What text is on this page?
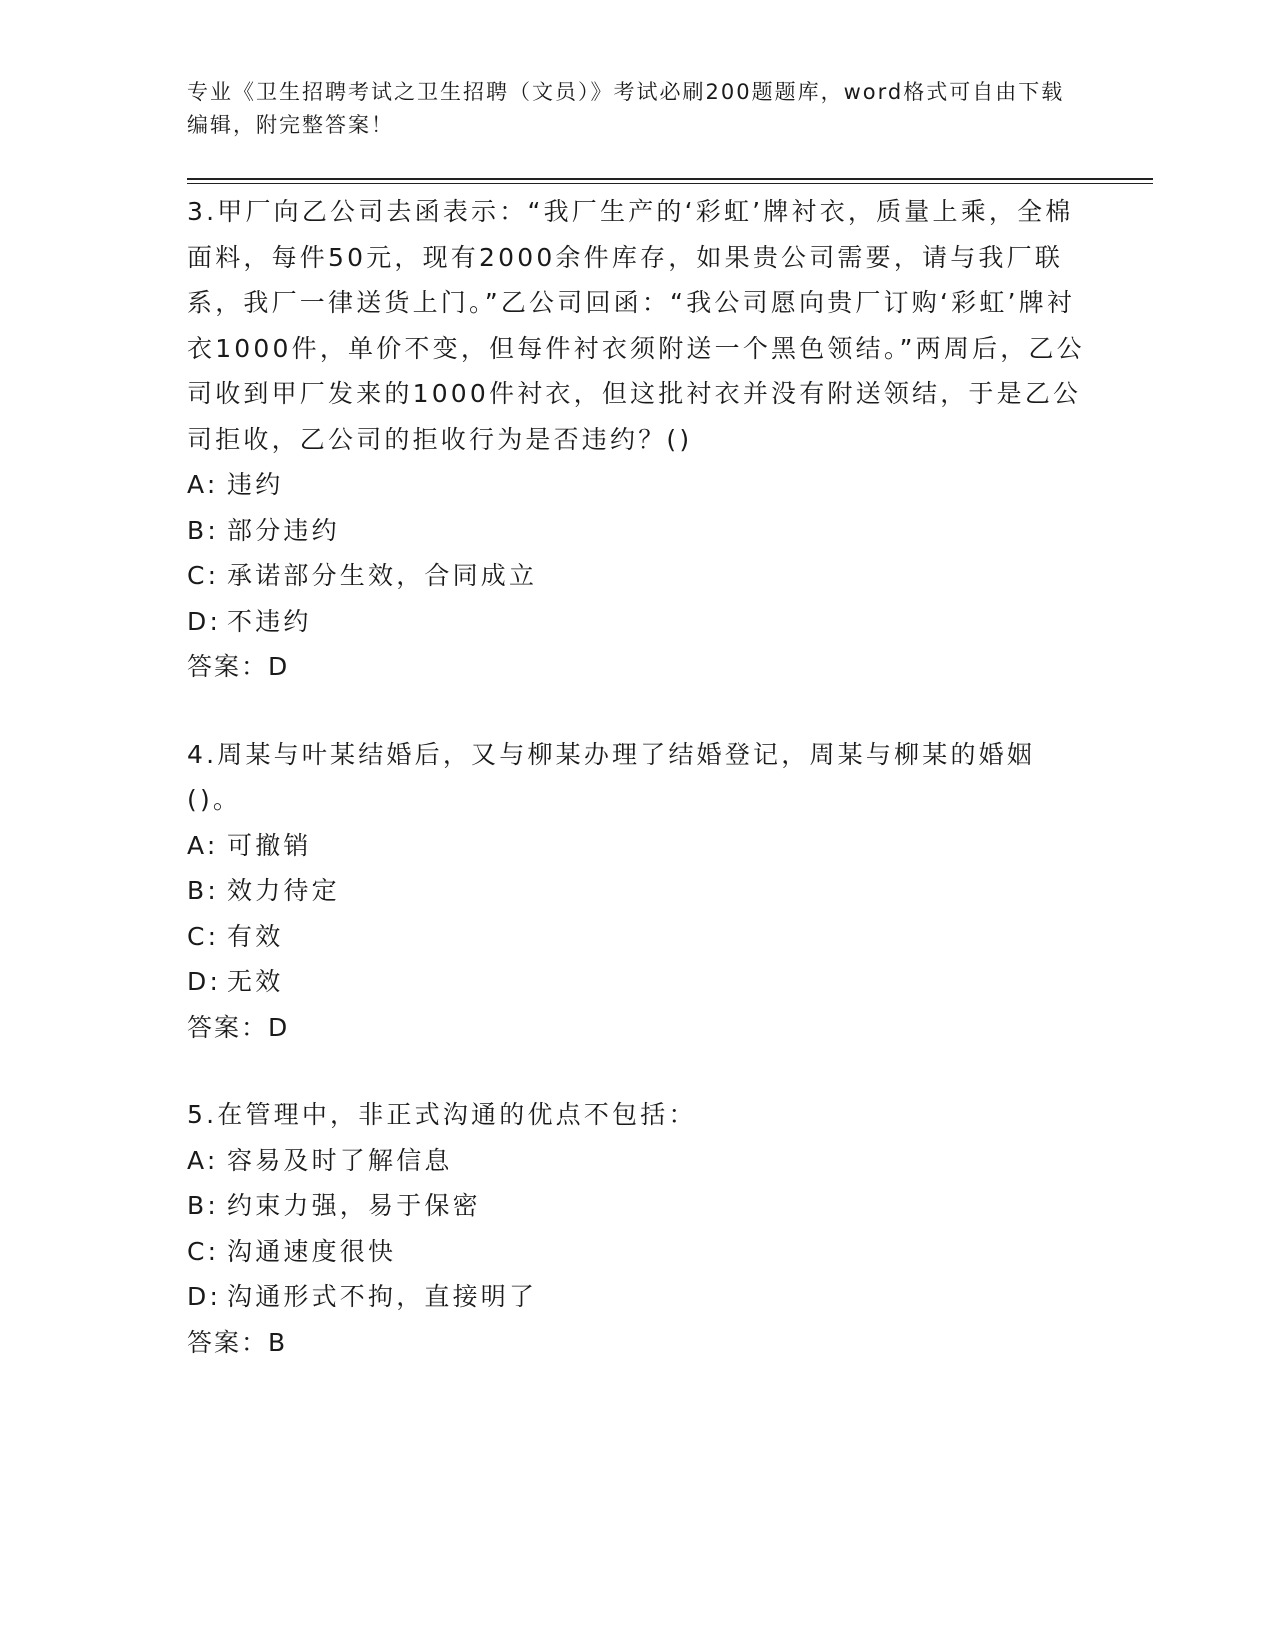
专业《卫生招聘考试之卫生招聘（文员）》考试必刷200题题库，word格式可自由下载编辑，附完整答案！

3.甲厂向乙公司去函表示：“我厂生产的‘彩虹’牌衬衣，质量上乘，全棉面料，每件50元，现有2000余件库存，如果贵公司需要，请与我厂联系，我厂一律送货上门。”乙公司回函：“我公司愿向贵厂订购‘彩虹’牌衬衣1000件，单价不变，但每件衬衣须附送一个黑色领结。”两周后，乙公司收到甲厂发来的1000件衬衣，但这批衬衣并没有附送领结，于是乙公司拒收，乙公司的拒收行为是否违约？()

A: 违约
B: 部分违约
C: 承诺部分生效，合同成立
D: 不违约
答案：D

4.周某与叶某结婚后，又与柳某办理了结婚登记，周某与柳某的婚姻()。

A: 可撤销
B: 效力待定
C: 有效
D: 无效
答案：D

5.在管理中，非正式沟通的优点不包括：

A: 容易及时了解信息
B: 约束力强，易于保密
C: 沟通速度很快
D: 沟通形式不拘，直接明了
答案：B
